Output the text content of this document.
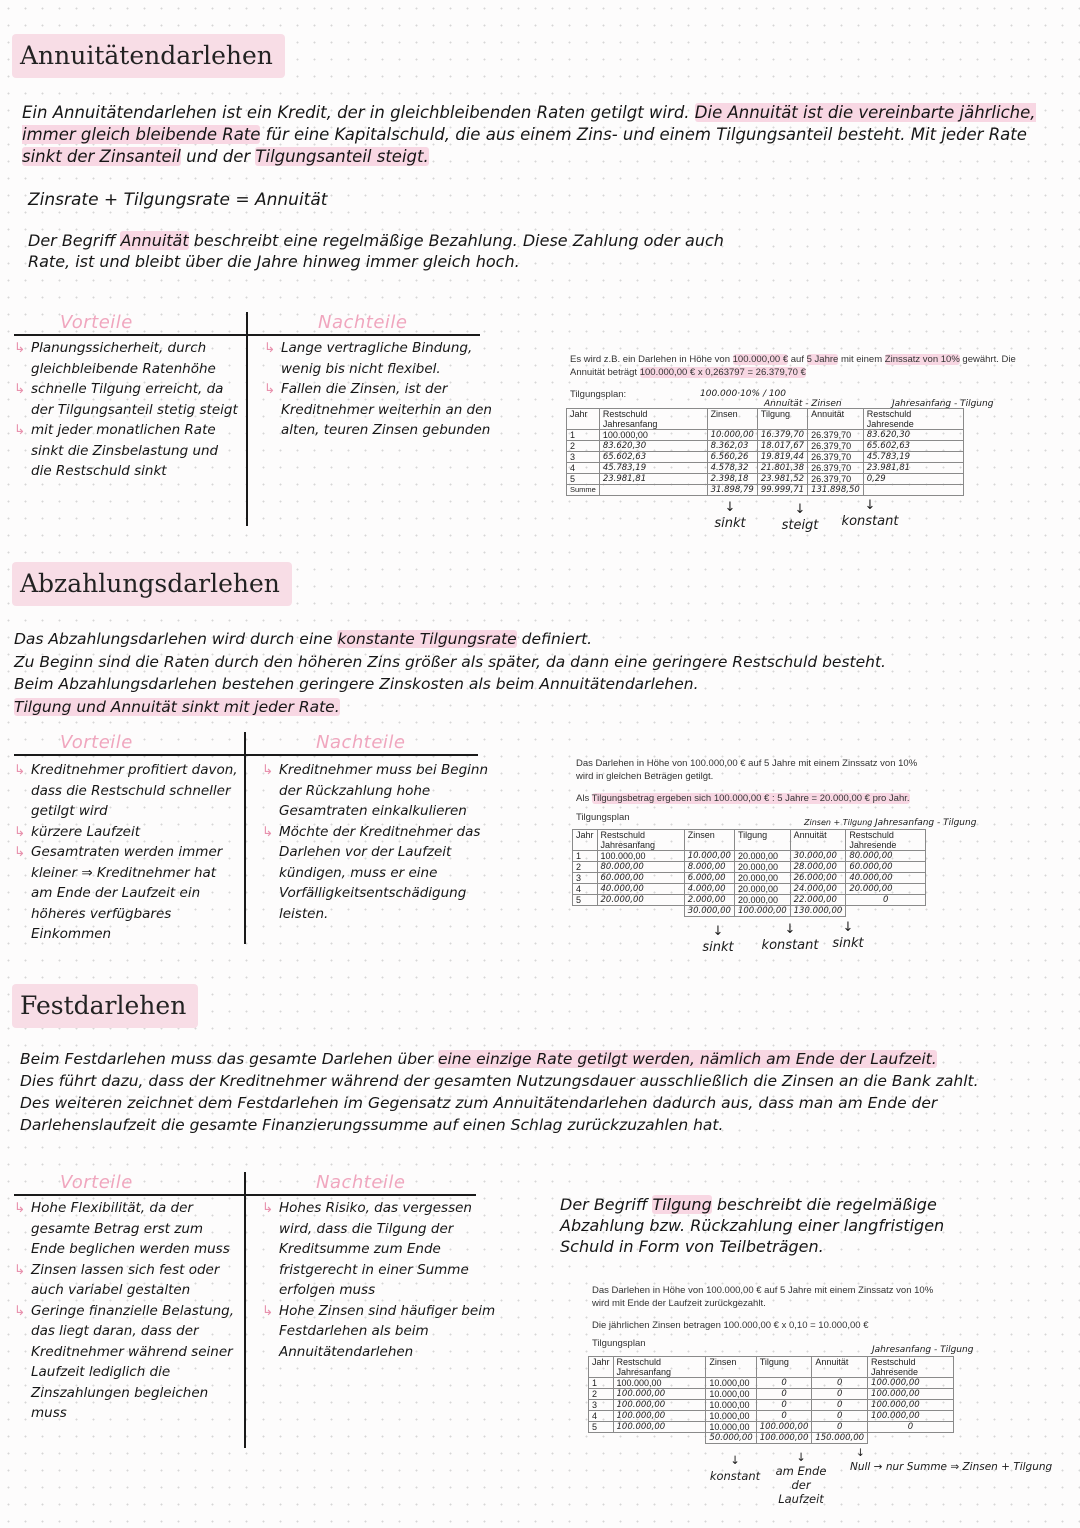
Annuitätendarlehen
Ein Annuitätendarlehen ist ein Kredit, der in gleichbleibenden Raten getilgt wird. Die Annuität ist die vereinbarte jährliche, immer gleich bleibende Rate für eine Kapitalschuld, die aus einem Zins- und einem Tilgungsanteil besteht. Mit jeder Rate sinkt der Zinsanteil und der Tilgungsanteil steigt.
Zinsrate + Tilgungsrate = Annuität
Der Begriff Annuität beschreibt eine regelmäßige Bezahlung. Diese Zahlung oder auch Rate, ist und bleibt über die Jahre hinweg immer gleich hoch.
Vorteile	Nachteile
↳ Planungssicherheit, durch gleichbleibende Ratenhöhe
↳ schnelle Tilgung erreicht, da der Tilgungsanteil stetig steigt
↳ mit jeder monatlichen Rate sinkt die Zinsbelastung und die Restschuld sinkt
↳ Lange vertragliche Bindung, wenig bis nicht flexibel.
↳ Fallen die Zinsen, ist der Kreditnehmer weiterhin an den alten, teuren Zinsen gebunden
Es wird z.B. ein Darlehen in Höhe von 100.000,00 € auf 5 Jahre mit einem Zinssatz von 10% gewährt. Die Annuität beträgt 100.000,00 € x 0,263797 = 26.379,70 €
Tilgungsplan:	100.000·10% / 100
Annuität - Zinsen	Jahresanfang - Tilgung
Jahr	Restschuld Jahresanfang	Zinsen	Tilgung	Annuität	Restschuld Jahresende
1	100.000,00	10.000,00	16.379,70	26.379,70	83.620,30
2	83.620,30	8.362,03	18.017,67	26.379,70	65.602,63
3	65.602,63	6.560,26	19.819,44	26.379,70	45.783,19
4	45.783,19	4.578,32	21.801,38	26.379,70	23.981,81
5	23.981,81	2.398,18	23.981,52	26.379,70	0,29
Summe		31.898,79	99.999,71	131.898,50	
↓
sinkt
↓
steigt
↓
konstant
Abzahlungsdarlehen

Das Abzahlungsdarlehen wird durch eine konstante Tilgungsrate definiert.

Zu Beginn sind die Raten durch den höheren Zins größer als später, da dann eine geringere Restschuld besteht.

Beim Abzahlungsdarlehen bestehen geringere Zinskosten als beim Annuitätendarlehen.

Tilgung und Annuität sinkt mit jeder Rate.

Vorteile	Nachteile
↳ Kreditnehmer profitiert davon, dass die Restschuld schneller getilgt wird
↳ kürzere Laufzeit
↳ Gesamtraten werden immer kleiner ⇒ Kreditnehmer hat am Ende der Laufzeit ein höheres verfügbares Einkommen
↳ Kreditnehmer muss bei Beginn der Rückzahlung hohe Gesamtraten einkalkulieren
↳ Möchte der Kreditnehmer das Darlehen vor der Laufzeit kündigen, muss er eine Vorfälligkeitsentschädigung leisten.
Das Darlehen in Höhe von 100.000,00 € auf 5 Jahre mit einem Zinssatz von 10%
wird in gleichen Beträgen getilgt.
Als Tilgungsbetrag ergeben sich 100.000,00 € : 5 Jahre = 20.000,00 € pro Jahr.
Tilgungsplan	Zinsen + Tilgung Jahresanfang - Tilgung
Jahr	Restschuld Jahresanfang	Zinsen	Tilgung	Annuität	Restschuld Jahresende
1	100.000,00	10.000,00	20.000,00	30.000,00	80.000,00
2	80.000,00	8.000,00	20.000,00	28.000,00	60.000,00
3	60.000,00	6.000,00	20.000,00	26.000,00	40.000,00
4	40.000,00	4.000,00	20.000,00	24.000,00	20.000,00
5	20.000,00	2.000,00	20.000,00	22.000,00	0
		30.000,00	100.000,00	130.000,00	
↓
sinkt
↓
konstant
↓
sinkt
Festdarlehen

Beim Festdarlehen muss das gesamte Darlehen über eine einzige Rate getilgt werden, nämlich am Ende der Laufzeit.

Dies führt dazu, dass der Kreditnehmer während der gesamten Nutzungsdauer ausschließlich die Zinsen an die Bank zahlt.

Des weiteren zeichnet dem Festdarlehen im Gegensatz zum Annuitätendarlehen dadurch aus, dass man am Ende der Darlehenslaufzeit die gesamte Finanzierungssumme auf einen Schlag zurückzuzahlen hat.

Vorteile	Nachteile
↳ Hohe Flexibilität, da der gesamte Betrag erst zum Ende beglichen werden muss
↳ Zinsen lassen sich fest oder auch variabel gestalten
↳ Geringe finanzielle Belastung, das liegt daran, dass der Kreditnehmer während seiner Laufzeit lediglich die Zinszahlungen begleichen muss
↳ Hohes Risiko, das vergessen wird, dass die Tilgung der Kreditsumme zum Ende fristgerecht in einer Summe erfolgen muss
↳ Hohe Zinsen sind häufiger beim Festdarlehen als beim Annuitätendarlehen
Der Begriff Tilgung beschreibt die regelmäßige Abzahlung bzw. Rückzahlung einer langfristigen Schuld in Form von Teilbeträgen.
Das Darlehen in Höhe von 100.000,00 € auf 5 Jahre mit einem Zinssatz von 10%
wird mit Ende der Laufzeit zurückgezahlt.
Die jährlichen Zinsen betragen 100.000,00 € x 0,10 = 10.000,00 €
Tilgungsplan
Jahresanfang - Tilgung
Jahr	Restschuld Jahresanfang	Zinsen	Tilgung	Annuität	Restschuld Jahresende
1	100.000,00	10.000,00	0	0	100.000,00
2	100.000,00	10.000,00	0	0	100.000,00
3	100.000,00	10.000,00	0	0	100.000,00
4	100.000,00	10.000,00	0	0	100.000,00
5	100.000,00	10.000,00	100.000,00	0	0
		50.000,00	100.000,00	150.000,00	
↓
konstant
↓
am Ende der Laufzeit
↓
Null → nur Summe ⇒ Zinsen + Tilgung
